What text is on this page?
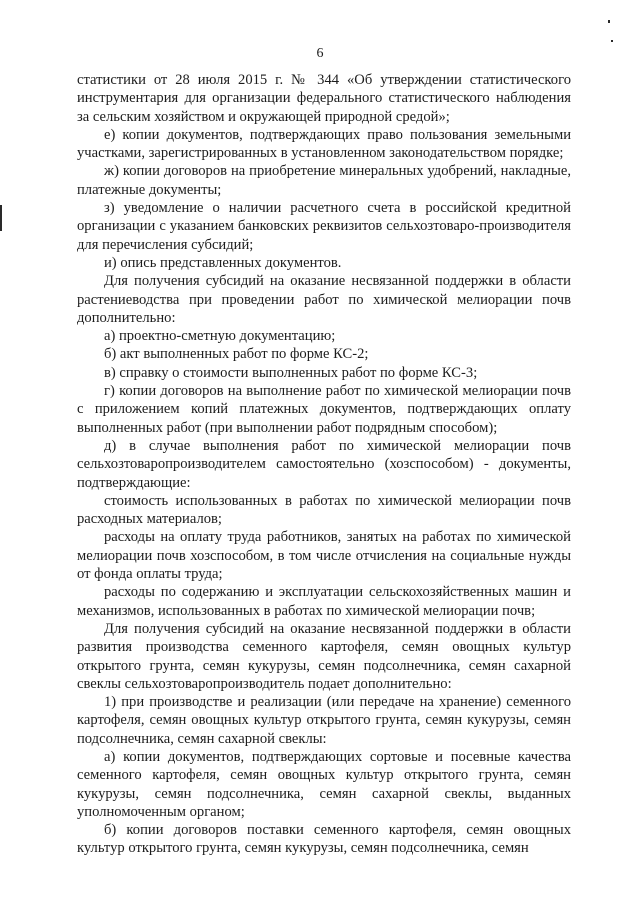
6

статистики от 28 июля 2015 г. № 344 «Об утверждении статистического инструментария для организации федерального статистического наблюдения за сельским хозяйством и окружающей природной средой»;

е) копии документов, подтверждающих право пользования земельными участками, зарегистрированных в установленном законодательством порядке;

ж) копии договоров на приобретение минеральных удобрений, накладные, платежные документы;

з) уведомление о наличии расчетного счета в российской кредитной организации с указанием банковских реквизитов сельхозтоваро-производителя для перечисления субсидий;

и) опись представленных документов.

Для получения субсидий на оказание несвязанной поддержки в области растениеводства при проведении работ по химической мелиорации почв дополнительно:

а) проектно-сметную документацию;

б) акт выполненных работ по форме КС-2;

в) справку о стоимости выполненных работ по форме КС-3;

г) копии договоров на выполнение работ по химической мелиорации почв с приложением копий платежных документов, подтверждающих оплату выполненных работ (при выполнении работ подрядным способом);

д) в случае выполнения работ по химической мелиорации почв сельхозтоваропроизводителем самостоятельно (хозспособом) - документы, подтверждающие:

стоимость использованных в работах по химической мелиорации почв расходных материалов;

расходы на оплату труда работников, занятых на работах по химической мелиорации почв хозспособом, в том числе отчисления на социальные нужды от фонда оплаты труда;

расходы по содержанию и эксплуатации сельскохозяйственных машин и механизмов, использованных в работах по химической мелиорации почв;

Для получения субсидий на оказание несвязанной поддержки в области развития производства семенного картофеля, семян овощных культур открытого грунта, семян кукурузы, семян подсолнечника, семян сахарной свеклы сельхозтоваропроизводитель подает дополнительно:

1) при производстве и реализации (или передаче на хранение) семенного картофеля, семян овощных культур открытого грунта, семян кукурузы, семян подсолнечника, семян сахарной свеклы:

а) копии документов, подтверждающих сортовые и посевные качества семенного картофеля, семян овощных культур открытого грунта, семян кукурузы, семян подсолнечника, семян сахарной свеклы, выданных уполномоченным органом;

б) копии договоров поставки семенного картофеля, семян овощных культур открытого грунта, семян кукурузы, семян подсолнечника, семян
